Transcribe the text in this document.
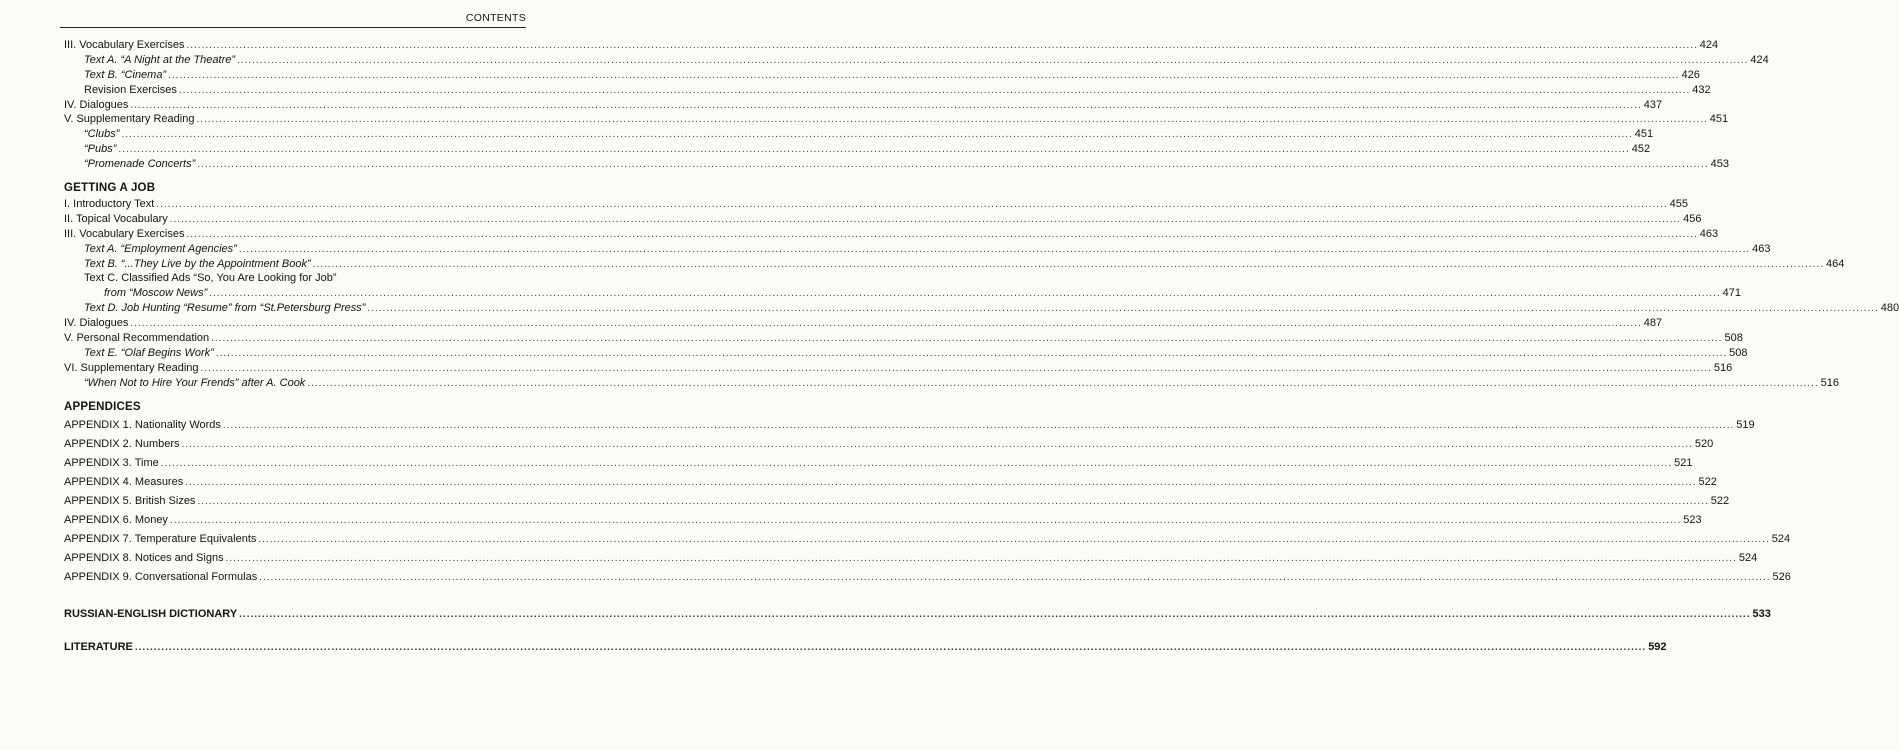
CONTENTS
III. Vocabulary Exercises ................................................................................................................................................................................................................................................................................................................................................................................................................ 424
Text A. “A Night at the Theatre” ................................................................................................................................................................................................................................................................................................................................................................................................................ 424
Text B. “Cinema” ................................................................................................................................................................................................................................................................................................................................................................................................................ 426
Revision Exercises ................................................................................................................................................................................................................................................................................................................................................................................................................ 432
IV. Dialogues ................................................................................................................................................................................................................................................................................................................................................................................................................ 437
V. Supplementary Reading ................................................................................................................................................................................................................................................................................................................................................................................................................ 451
“Clubs” ................................................................................................................................................................................................................................................................................................................................................................................................................ 451
“Pubs” ................................................................................................................................................................................................................................................................................................................................................................................................................ 452
“Promenade Concerts” ................................................................................................................................................................................................................................................................................................................................................................................................................ 453
GETTING A JOB
I. Introductory Text ................................................................................................................................................................................................................................................................................................................................................................................................................ 455
II. Topical Vocabulary ................................................................................................................................................................................................................................................................................................................................................................................................................ 456
III. Vocabulary Exercises ................................................................................................................................................................................................................................................................................................................................................................................................................ 463
Text A. “Employment Agencies” ................................................................................................................................................................................................................................................................................................................................................................................................................ 463
Text B. “...They Live by the Appointment Book” ................................................................................................................................................................................................................................................................................................................................................................................................................ 464
Text C. Classified Ads “So, You Are Looking for Job”
from “Moscow News” ................................................................................................................................................................................................................................................................................................................................................................................................................ 471
Text D. Job Hunting “Resume” from “St.Petersburg Press” ................................................................................................................................................................................................................................................................................................................................................................................................................ 480
IV. Dialogues ................................................................................................................................................................................................................................................................................................................................................................................................................ 487
V. Personal Recommendation ................................................................................................................................................................................................................................................................................................................................................................................................................ 508
Text E. “Olaf Begins Work” ................................................................................................................................................................................................................................................................................................................................................................................................................ 508
VI. Supplementary Reading ................................................................................................................................................................................................................................................................................................................................................................................................................ 516
“When Not to Hire Your Frends” after A. Cook ................................................................................................................................................................................................................................................................................................................................................................................................................ 516
APPENDICES
APPENDIX 1. Nationality Words ................................................................................................................................................................................................................................................................................................................................................................................................................ 519
APPENDIX 2. Numbers ................................................................................................................................................................................................................................................................................................................................................................................................................ 520
APPENDIX 3. Time ................................................................................................................................................................................................................................................................................................................................................................................................................ 521
APPENDIX 4. Measures ................................................................................................................................................................................................................................................................................................................................................................................................................ 522
APPENDIX 5. British Sizes ................................................................................................................................................................................................................................................................................................................................................................................................................ 522
APPENDIX 6. Money ................................................................................................................................................................................................................................................................................................................................................................................................................ 523
APPENDIX 7. Temperature Equivalents ................................................................................................................................................................................................................................................................................................................................................................................................................ 524
APPENDIX 8. Notices and Signs ................................................................................................................................................................................................................................................................................................................................................................................................................ 524
APPENDIX 9. Conversational Formulas ................................................................................................................................................................................................................................................................................................................................................................................................................ 526
RUSSIAN-ENGLISH DICTIONARY ................................................................................................................................................................................................................................................................................................................................................................................................................ 533
LITERATURE ................................................................................................................................................................................................................................................................................................................................................................................................................ 592
